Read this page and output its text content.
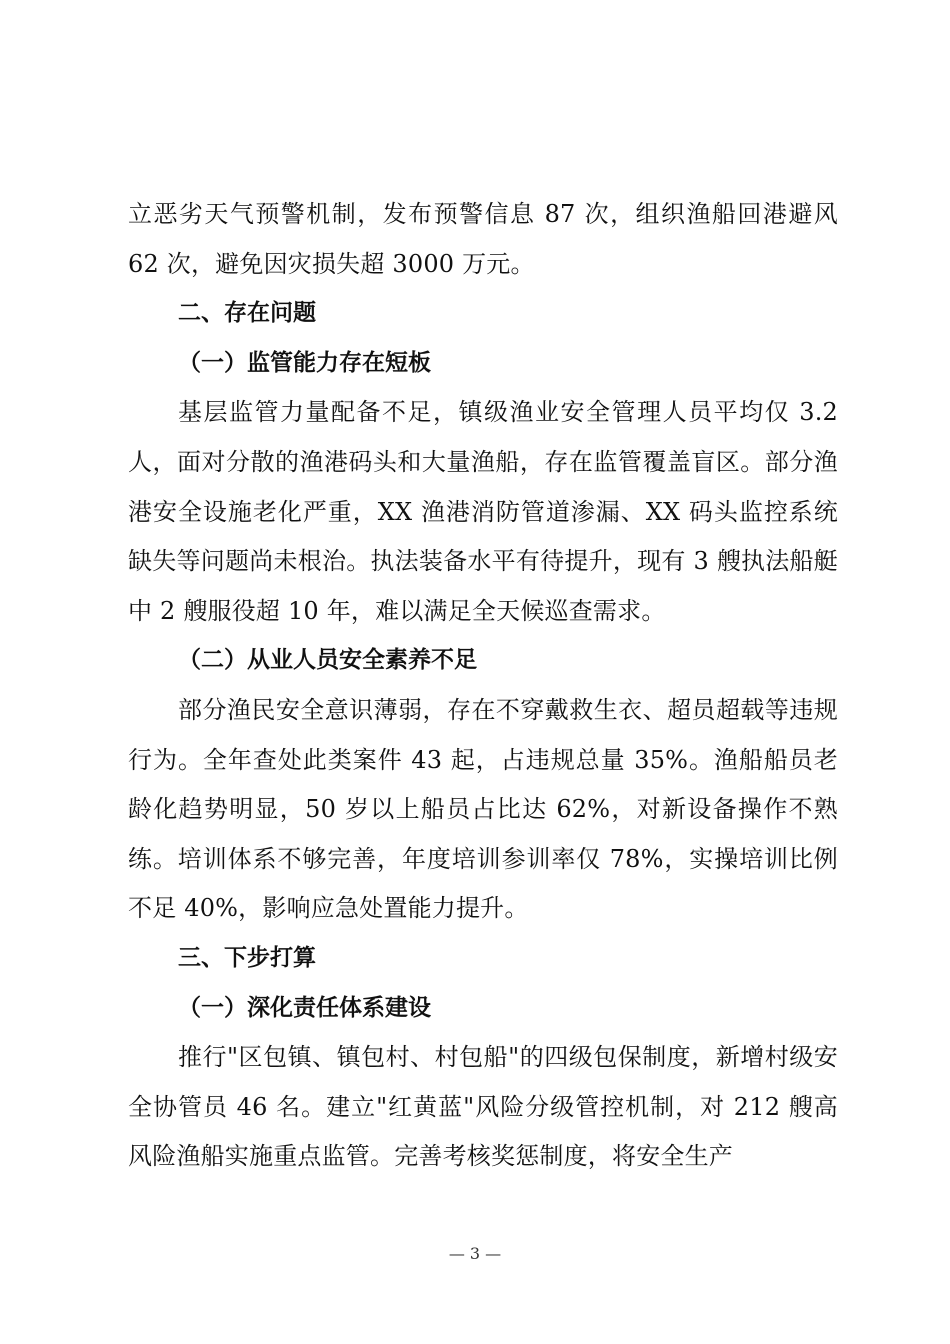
立恶劣天气预警机制，发布预警信息 87 次，组织渔船回港避风 62 次，避免因灾损失超 3000 万元。

二、存在问题

（一）监管能力存在短板

基层监管力量配备不足，镇级渔业安全管理人员平均仅 3.2 人，面对分散的渔港码头和大量渔船，存在监管覆盖盲区。部分渔港安全设施老化严重，XX 渔港消防管道渗漏、XX 码头监控系统缺失等问题尚未根治。执法装备水平有待提升，现有 3 艘执法船艇中 2 艘服役超 10 年，难以满足全天候巡查需求。

（二）从业人员安全素养不足

部分渔民安全意识薄弱，存在不穿戴救生衣、超员超载等违规行为。全年查处此类案件 43 起，占违规总量 35%。渔船船员老龄化趋势明显，50 岁以上船员占比达 62%，对新设备操作不熟练。培训体系不够完善，年度培训参训率仅 78%，实操培训比例不足 40%，影响应急处置能力提升。

三、下步打算

（一）深化责任体系建设

推行"区包镇、镇包村、村包船"的四级包保制度，新增村级安全协管员 46 名。建立"红黄蓝"风险分级管控机制，对 212 艘高风险渔船实施重点监管。完善考核奖惩制度，将安全生产

— 3 —
